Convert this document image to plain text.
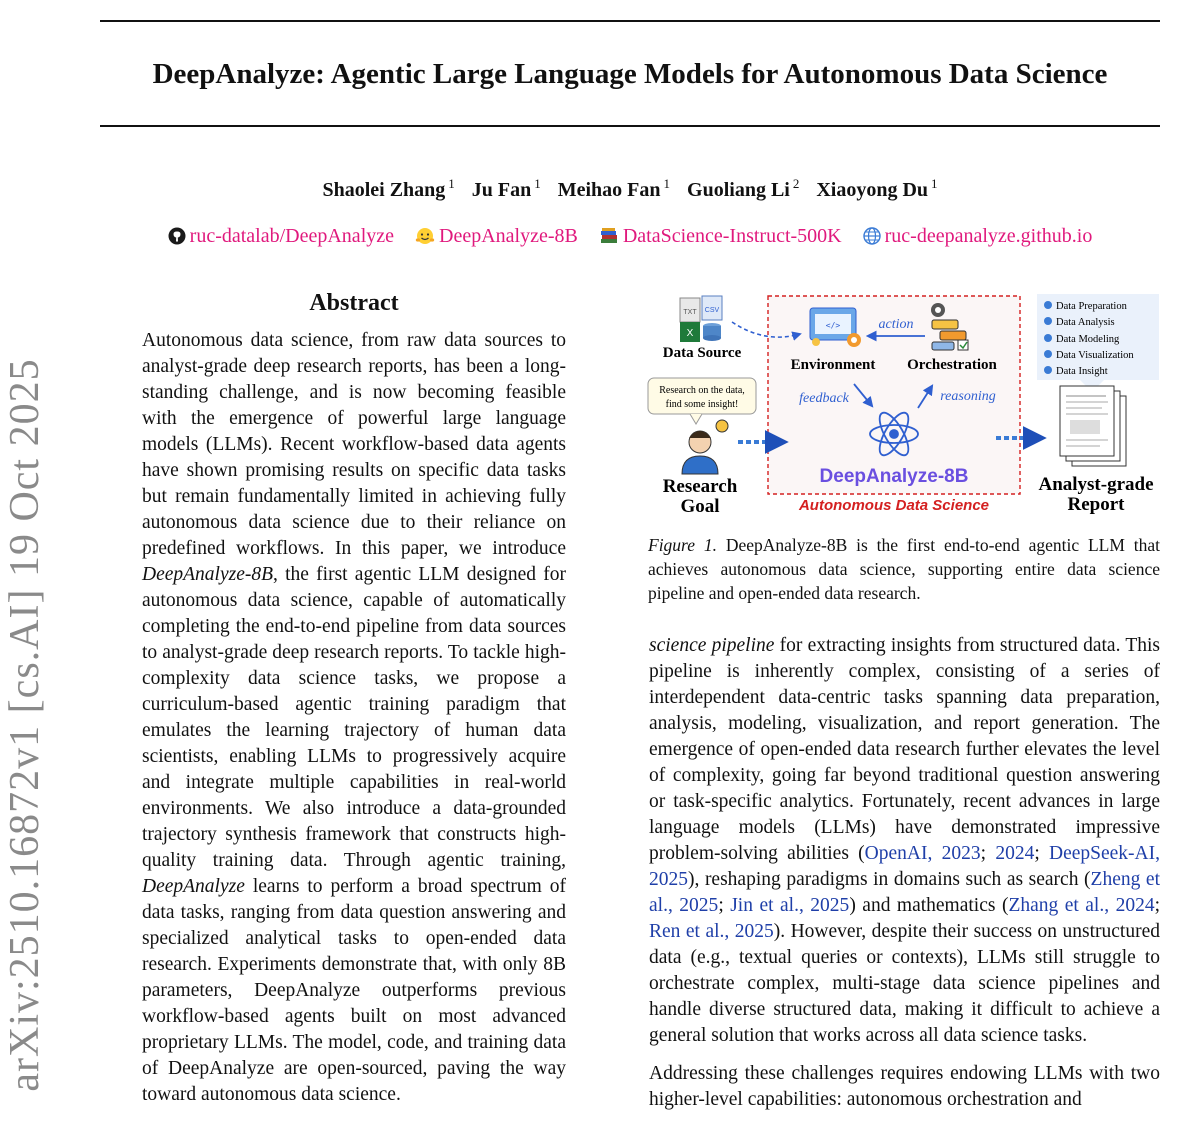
DeepAnalyze: Agentic Large Language Models for Autonomous Data Science
Shaolei Zhang $^1$ Ju Fan $^1$ Meihao Fan $^1$ Guoliang Li $^2$ Xiaoyong Du $^1$
ruc-datalab/DeepAnalyze DeepAnalyze-8B DataScience-Instruct-500K ruc-deepanalyze.github.io
arXiv:2510.16872v1 [cs.AI] 19 Oct 2025
Abstract

Autonomous data science, from raw data sources to analyst-grade deep research reports, has been a long-standing challenge, and is now becoming feasible with the emergence of powerful large language models (LLMs). Recent workflow-based data agents have shown promising results on specific data tasks but remain fundamentally limited in achieving fully autonomous data science due to their reliance on predefined workflows. In this paper, we introduce DeepAnalyze-8B, the first agentic LLM designed for autonomous data science, capable of automatically completing the end-to-end pipeline from data sources to analyst-grade deep research reports. To tackle high-complexity data science tasks, we propose a curriculum-based agentic training paradigm that emulates the learning trajectory of human data scientists, enabling LLMs to progressively acquire and integrate multiple capabilities in real-world environments. We also introduce a data-grounded trajectory synthesis framework that constructs high-quality training data. Through agentic training, DeepAnalyze learns to perform a broad spectrum of data tasks, ranging from data question answering and specialized analytical tasks to open-ended data research. Experiments demonstrate that, with only 8B parameters, DeepAnalyze outperforms previous workflow-based agents built on most advanced proprietary LLMs. The model, code, and training data of DeepAnalyze are open-sourced, paving the way toward autonomous data science.

TXT CSV
X
Data Source
</>
Environment
action
Orchestration
feedback	reasoning
DeepAnalyze-8B
Autonomous Data Science
Research on the data,
find some insight!
Research
Goal
Data Preparation
Data Analysis
Data Modeling
Data Visualization
Data Insight
Analyst-grade
Report
Figure 1. DeepAnalyze-8B is the first end-to-end agentic LLM that achieves autonomous data science, supporting entire data science pipeline and open-ended data research.

science pipeline for extracting insights from structured data. This pipeline is inherently complex, consisting of a series of interdependent data-centric tasks spanning data preparation, analysis, modeling, visualization, and report generation. The emergence of open-ended data research further elevates the level of complexity, going far beyond traditional question answering or task-specific analytics. Fortunately, recent advances in large language models (LLMs) have demonstrated impressive problem-solving abilities (OpenAI, 2023; 2024; DeepSeek-AI, 2025), reshaping paradigms in domains such as search (Zheng et al., 2025; Jin et al., 2025) and mathematics (Zhang et al., 2024; Ren et al., 2025). However, despite their success on unstructured data (e.g., textual queries or contexts), LLMs still struggle to orchestrate complex, multi-stage data science pipelines and handle diverse structured data, making it difficult to achieve a general solution that works across all data science tasks.

Addressing these challenges requires endowing LLMs with two higher-level capabilities: autonomous orchestration and
